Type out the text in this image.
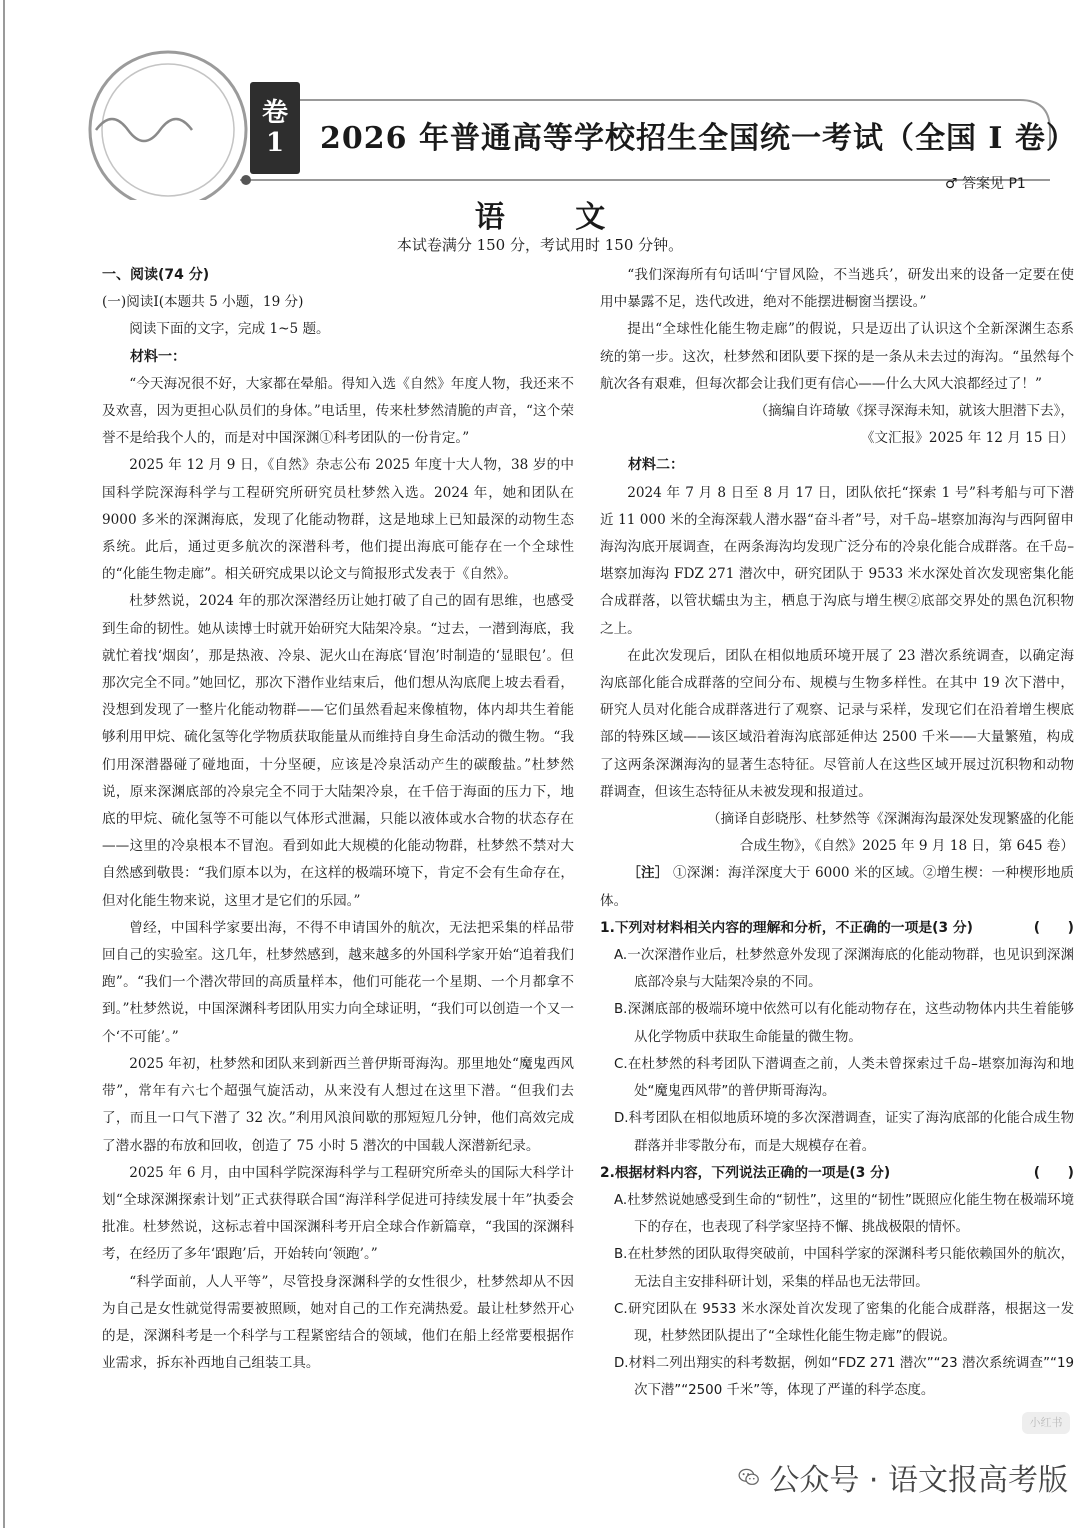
卷
1 2026 年普通高等学校招生全国统一考试（全国 I 卷）
♂ 答案见 P1
语 文
本试卷满分 150 分，考试用时 150 分钟。

一、阅读(74 分)

(一)阅读Ⅰ(本题共 5 小题，19 分)

阅读下面的文字，完成 1~5 题。

材料一：

“今天海况很不好，大家都在晕船。得知入选《自然》年度人物，我还来不及欢喜，因为更担心队员们的身体。”电话里，传来杜梦然清脆的声音，“这个荣誉不是给我个人的，而是对中国深渊①科考团队的一份肯定。”

2025 年 12 月 9 日，《自然》杂志公布 2025 年度十大人物，38 岁的中国科学院深海科学与工程研究所研究员杜梦然入选。2024 年，她和团队在 9000 多米的深渊海底，发现了化能动物群，这是地球上已知最深的动物生态系统。此后，通过更多航次的深潜科考，他们提出海底可能存在一个全球性的“化能生物走廊”。相关研究成果以论文与简报形式发表于《自然》。

杜梦然说，2024 年的那次深潜经历让她打破了自己的固有思维，也感受到生命的韧性。她从读博士时就开始研究大陆架冷泉。“过去，一潜到海底，我就忙着找‘烟囱’，那是热液、冷泉、泥火山在海底‘冒泡’时制造的‘显眼包’。但那次完全不同。”她回忆，那次下潜作业结束后，他们想从沟底爬上坡去看看，没想到发现了一整片化能动物群——它们虽然看起来像植物，体内却共生着能够利用甲烷、硫化氢等化学物质获取能量从而维持自身生命活动的微生物。“我们用深潜器碰了碰地面，十分坚硬，应该是冷泉活动产生的碳酸盐。”杜梦然说，原来深渊底部的冷泉完全不同于大陆架冷泉，在千倍于海面的压力下，地底的甲烷、硫化氢等不可能以气体形式泄漏，只能以液体或水合物的状态存在——这里的冷泉根本不冒泡。看到如此大规模的化能动物群，杜梦然不禁对大自然感到敬畏：“我们原本以为，在这样的极端环境下，肯定不会有生命存在，但对化能生物来说，这里才是它们的乐园。”

曾经，中国科学家要出海，不得不申请国外的航次，无法把采集的样品带回自己的实验室。这几年，杜梦然感到，越来越多的外国科学家开始“追着我们跑”。“我们一个潜次带回的高质量样本，他们可能花一个星期、一个月都拿不到。”杜梦然说，中国深渊科考团队用实力向全球证明，“我们可以创造一个又一个‘不可能’。”

2025 年初，杜梦然和团队来到新西兰普伊斯哥海沟。那里地处“魔鬼西风带”，常年有六七个超强气旋活动，从来没有人想过在这里下潜。“但我们去了，而且一口气下潜了 32 次。”利用风浪间歇的那短短几分钟，他们高效完成了潜水器的布放和回收，创造了 75 小时 5 潜次的中国载人深潜新纪录。

2025 年 6 月，由中国科学院深海科学与工程研究所牵头的国际大科学计划“全球深渊探索计划”正式获得联合国“海洋科学促进可持续发展十年”执委会批准。杜梦然说，这标志着中国深渊科考开启全球合作新篇章，“我国的深渊科考，在经历了多年‘跟跑’后，开始转向‘领跑’。”

“科学面前，人人平等”，尽管投身深渊科学的女性很少，杜梦然却从不因为自己是女性就觉得需要被照顾，她对自己的工作充满热爱。最让杜梦然开心的是，深渊科考是一个科学与工程紧密结合的领域，他们在船上经常要根据作业需求，拆东补西地自己组装工具。

“我们深海所有句话叫‘宁冒风险，不当逃兵’，研发出来的设备一定要在使用中暴露不足，迭代改进，绝对不能摆进橱窗当摆设。”

提出“全球性化能生物走廊”的假说，只是迈出了认识这个全新深渊生态系统的第一步。这次，杜梦然和团队要下探的是一条从未去过的海沟。“虽然每个航次各有艰难，但每次都会让我们更有信心——什么大风大浪都经过了！”

（摘编自许琦敏《探寻深海未知，就该大胆潜下去》，

《文汇报》2025 年 12 月 15 日）

材料二：

2024 年 7 月 8 日至 8 月 17 日，团队依托“探索 1 号”科考船与可下潜近 11 000 米的全海深载人潜水器“奋斗者”号，对千岛–堪察加海沟与西阿留申海沟沟底开展调查，在两条海沟均发现广泛分布的冷泉化能合成群落。在千岛–堪察加海沟 FDZ 271 潜次中，研究团队于 9533 米水深处首次发现密集化能合成群落，以管状蠕虫为主，栖息于沟底与增生楔②底部交界处的黑色沉积物之上。

在此次发现后，团队在相似地质环境开展了 23 潜次系统调查，以确定海沟底部化能合成群落的空间分布、规模与生物多样性。在其中 19 次下潜中，研究人员对化能合成群落进行了观察、记录与采样，发现它们在沿着增生楔底部的特殊区域——该区域沿着海沟底部延伸达 2500 千米——大量繁殖，构成了这两条深渊海沟的显著生态特征。尽管前人在这些区域开展过沉积物和动物群调查，但该生态特征从未被发现和报道过。

（摘译自彭晓彤、杜梦然等《深渊海沟最深处发现繁盛的化能

合成生物》，《自然》2025 年 9 月 18 日，第 645 卷）

［注］ ①深渊：海洋深度大于 6000 米的区域。②增生楔：一种楔形地质体。

1.下列对材料相关内容的理解和分析，不正确的一项是(3 分)	(　　)

A.一次深潜作业后，杜梦然意外发现了深渊海底的化能动物群，也见识到深渊底部冷泉与大陆架冷泉的不同。

B.深渊底部的极端环境中依然可以有化能动物存在，这些动物体内共生着能够从化学物质中获取生命能量的微生物。

C.在杜梦然的科考团队下潜调查之前，人类未曾探索过千岛–堪察加海沟和地处“魔鬼西风带”的普伊斯哥海沟。

D.科考团队在相似地质环境的多次深潜调查，证实了海沟底部的化能合成生物群落并非零散分布，而是大规模存在着。

2.根据材料内容，下列说法正确的一项是(3 分)	(　　)

A.杜梦然说她感受到生命的“韧性”，这里的“韧性”既照应化能生物在极端环境下的存在，也表现了科学家坚持不懈、挑战极限的情怀。

B.在杜梦然的团队取得突破前，中国科学家的深渊科考只能依赖国外的航次，无法自主安排科研计划，采集的样品也无法带回。

C.研究团队在 9533 米水深处首次发现了密集的化能合成群落，根据这一发现，杜梦然团队提出了“全球性化能生物走廊”的假说。

D.材料二列出翔实的科考数据，例如“FDZ 271 潜次”“23 潜次系统调查”“19 次下潜”“2500 千米”等，体现了严谨的科学态度。

小红书
公众号 · 语文报高考版
